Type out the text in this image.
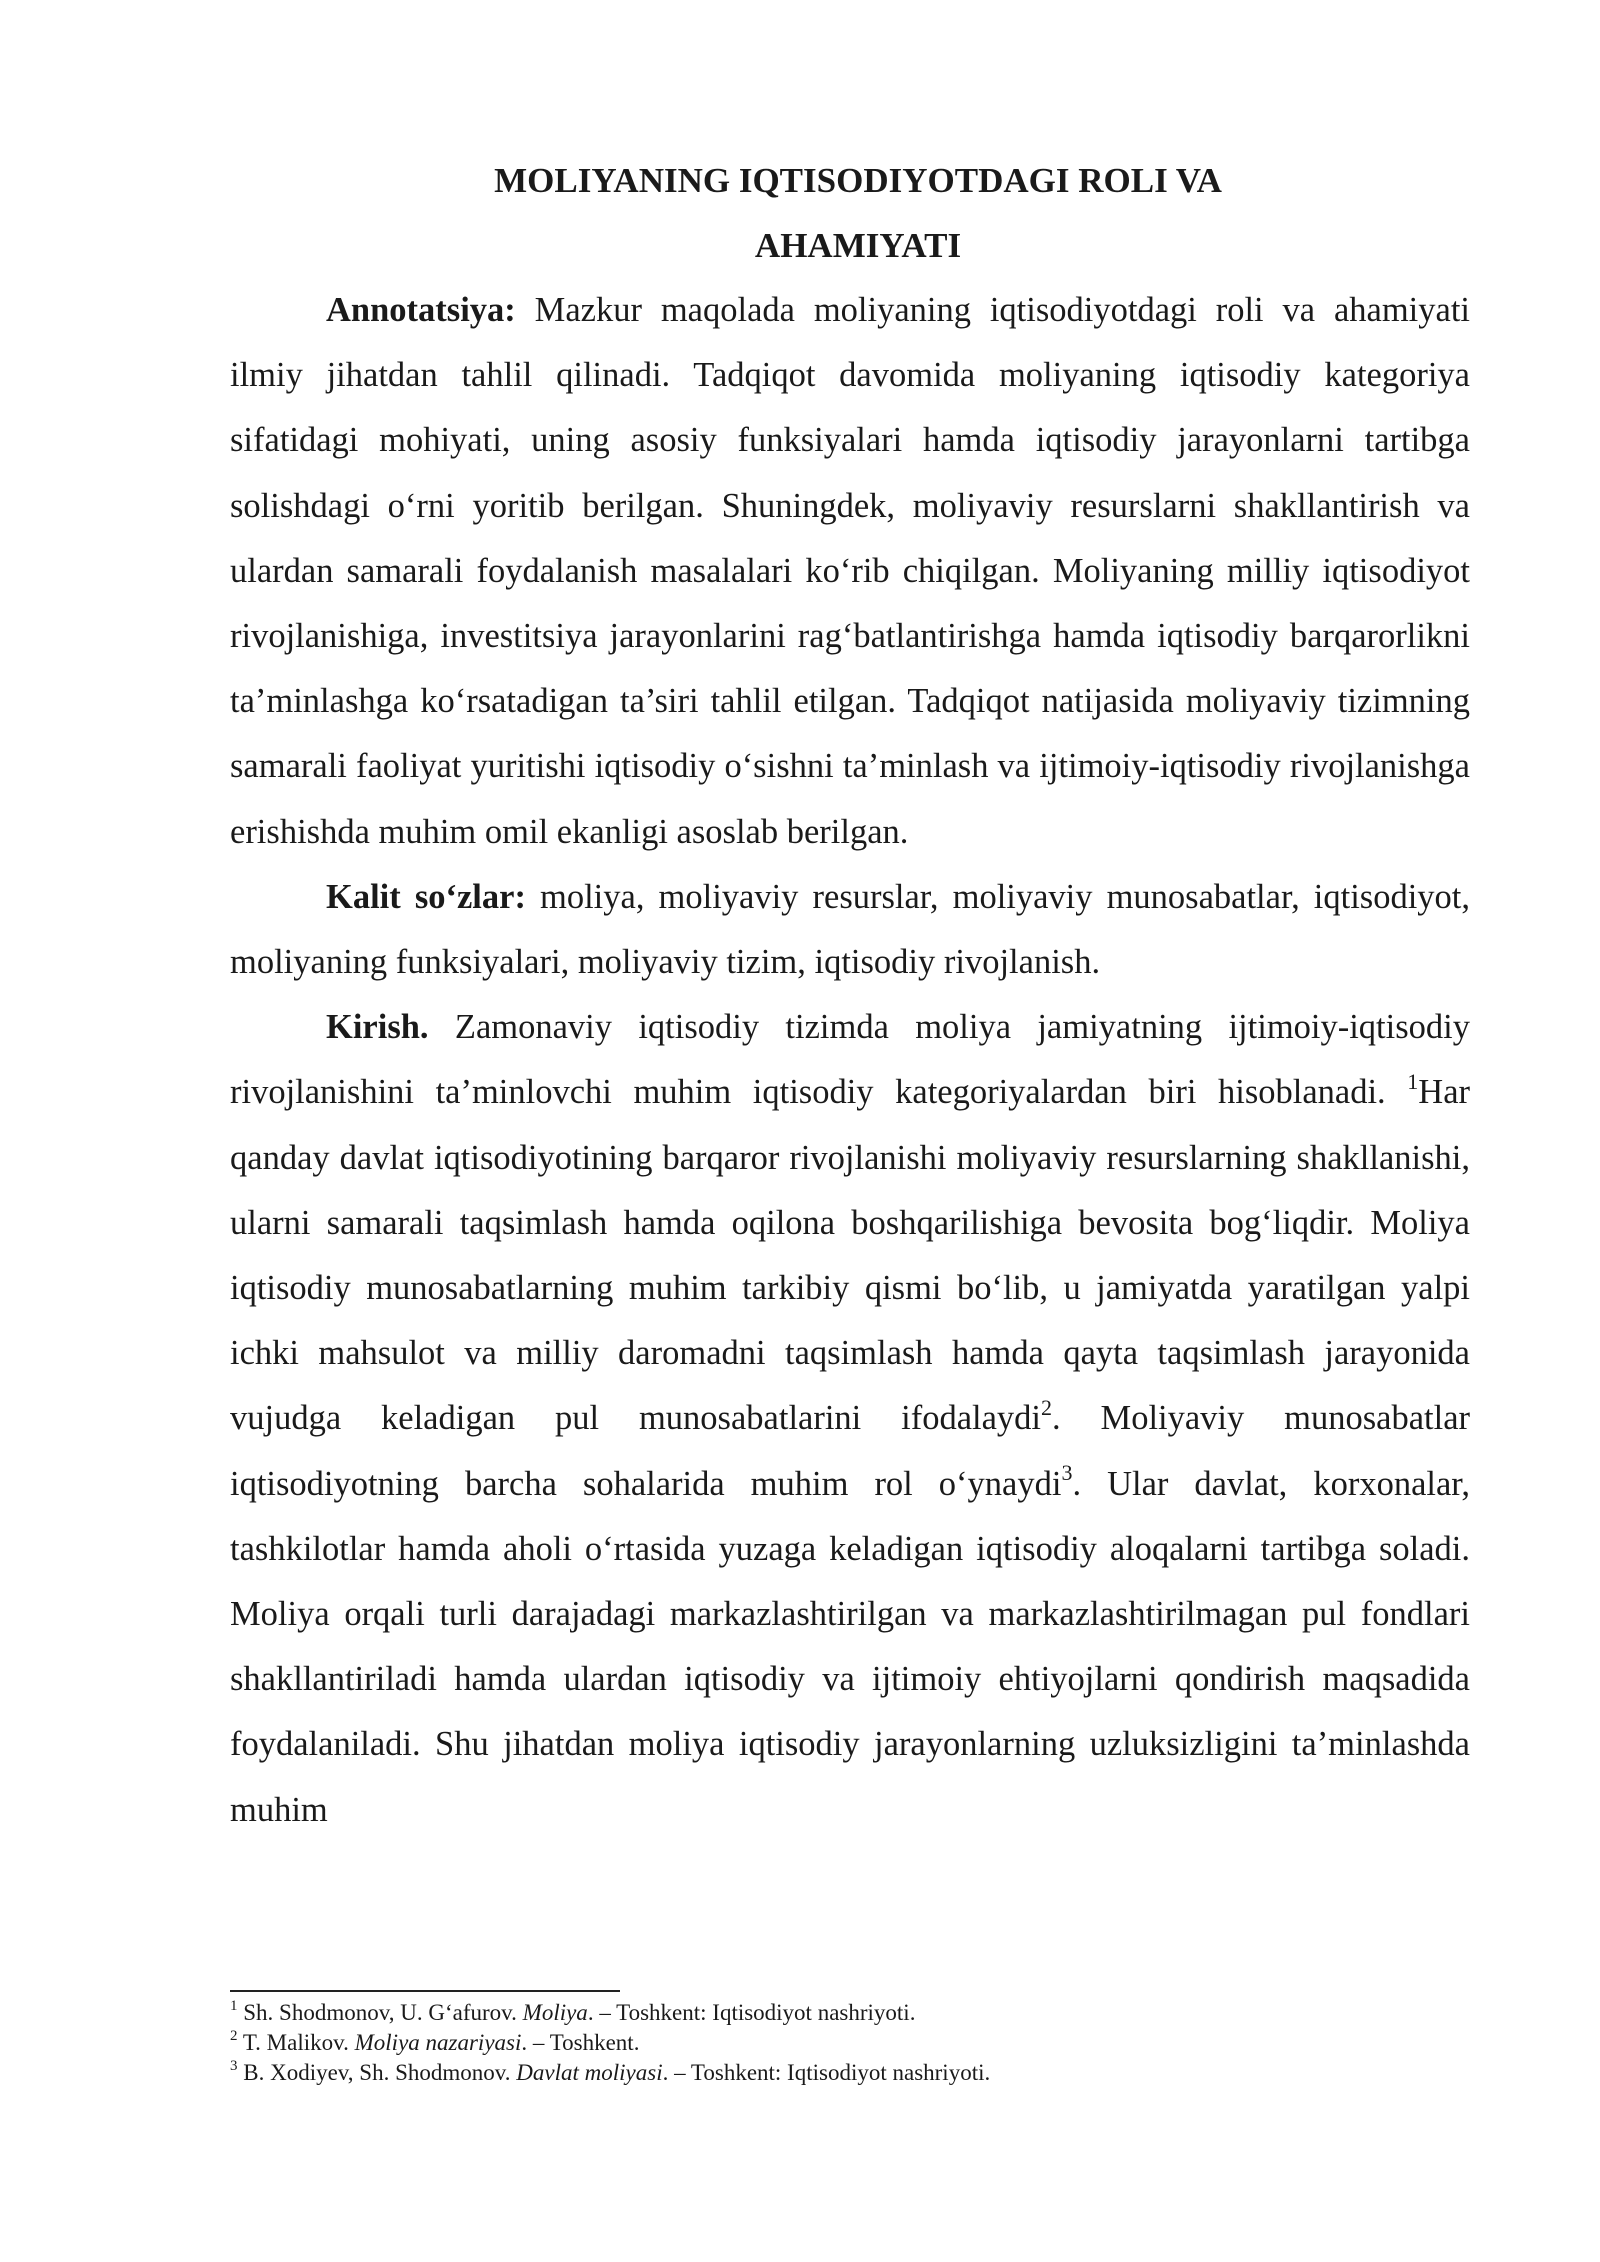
MOLIYANING IQTISODIYOTDAGI ROLI VA
AHAMIYATI

Annotatsiya: Mazkur maqolada moliyaning iqtisodiyotdagi roli va ahamiyati ilmiy jihatdan tahlil qilinadi. Tadqiqot davomida moliyaning iqtisodiy kategoriya sifatidagi mohiyati, uning asosiy funksiyalari hamda iqtisodiy jarayonlarni tartibga solishdagi o‘rni yoritib berilgan. Shuningdek, moliyaviy resurslarni shakllantirish va ulardan samarali foydalanish masalalari ko‘rib chiqilgan. Moliyaning milliy iqtisodiyot rivojlanishiga, investitsiya jarayonlarini rag‘batlantirishga hamda iqtisodiy barqarorlikni ta’minlashga ko‘rsatadigan ta’siri tahlil etilgan. Tadqiqot natijasida moliyaviy tizimning samarali faoliyat yuritishi iqtisodiy o‘sishni ta’minlash va ijtimoiy-iqtisodiy rivojlanishga erishishda muhim omil ekanligi asoslab berilgan.

Kalit so‘zlar: moliya, moliyaviy resurslar, moliyaviy munosabatlar, iqtisodiyot, moliyaning funksiyalari, moliyaviy tizim, iqtisodiy rivojlanish.

Kirish. Zamonaviy iqtisodiy tizimda moliya jamiyatning ijtimoiy-iqtisodiy rivojlanishini ta’minlovchi muhim iqtisodiy kategoriyalardan biri hisoblanadi. $^1$Har qanday davlat iqtisodiyotining barqaror rivojlanishi moliyaviy resurslarning shakllanishi, ularni samarali taqsimlash hamda oqilona boshqarilishiga bevosita bog‘liqdir. Moliya iqtisodiy munosabatlarning muhim tarkibiy qismi bo‘lib, u jamiyatda yaratilgan yalpi ichki mahsulot va milliy daromadni taqsimlash hamda qayta taqsimlash jarayonida vujudga keladigan pul munosabatlarini ifodalaydi$^2$. Moliyaviy munosabatlar iqtisodiyotning barcha sohalarida muhim rol o‘ynaydi$^3$. Ular davlat, korxonalar, tashkilotlar hamda aholi o‘rtasida yuzaga keladigan iqtisodiy aloqalarni tartibga soladi. Moliya orqali turli darajadagi markazlashtirilgan va markazlashtirilmagan pul fondlari shakllantiriladi hamda ulardan iqtisodiy va ijtimoiy ehtiyojlarni qondirish maqsadida foydalaniladi. Shu jihatdan moliya iqtisodiy jarayonlarning uzluksizligini ta’minlashda muhim

$^1$ Sh. Shodmonov, U. G‘afurov. Moliya. – Toshkent: Iqtisodiyot nashriyoti.

$^2$ T. Malikov. Moliya nazariyasi. – Toshkent.

$^3$ B. Xodiyev, Sh. Shodmonov. Davlat moliyasi. – Toshkent: Iqtisodiyot nashriyoti.
